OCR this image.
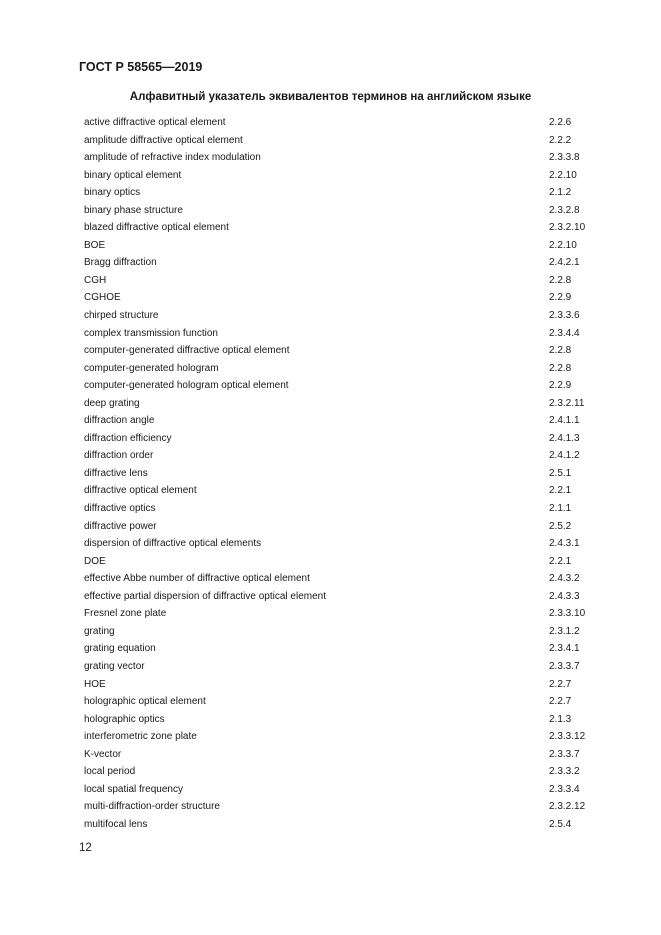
ГОСТ Р 58565—2019
Алфавитный указатель эквивалентов терминов на английском языке
active diffractive optical element	2.2.6
amplitude diffractive optical element	2.2.2
amplitude of refractive index modulation	2.3.3.8
binary optical element	2.2.10
binary optics	2.1.2
binary phase structure	2.3.2.8
blazed diffractive optical element	2.3.2.10
BOE	2.2.10
Bragg diffraction	2.4.2.1
CGH	2.2.8
CGHOE	2.2.9
chirped structure	2.3.3.6
complex transmission function	2.3.4.4
computer-generated diffractive optical element	2.2.8
computer-generated hologram	2.2.8
computer-generated hologram optical element	2.2.9
deep grating	2.3.2.11
diffraction angle	2.4.1.1
diffraction efficiency	2.4.1.3
diffraction order	2.4.1.2
diffractive lens	2.5.1
diffractive optical element	2.2.1
diffractive optics	2.1.1
diffractive power	2.5.2
dispersion of diffractive optical elements	2.4.3.1
DOE	2.2.1
effective Abbe number of diffractive optical element	2.4.3.2
effective partial dispersion of diffractive optical element	2.4.3.3
Fresnel zone plate	2.3.3.10
grating	2.3.1.2
grating equation	2.3.4.1
grating vector	2.3.3.7
HOE	2.2.7
holographic optical element	2.2.7
holographic optics	2.1.3
interferometric zone plate	2.3.3.12
K-vector	2.3.3.7
local period	2.3.3.2
local spatial frequency	2.3.3.4
multi-diffraction-order structure	2.3.2.12
multifocal lens	2.5.4
12
